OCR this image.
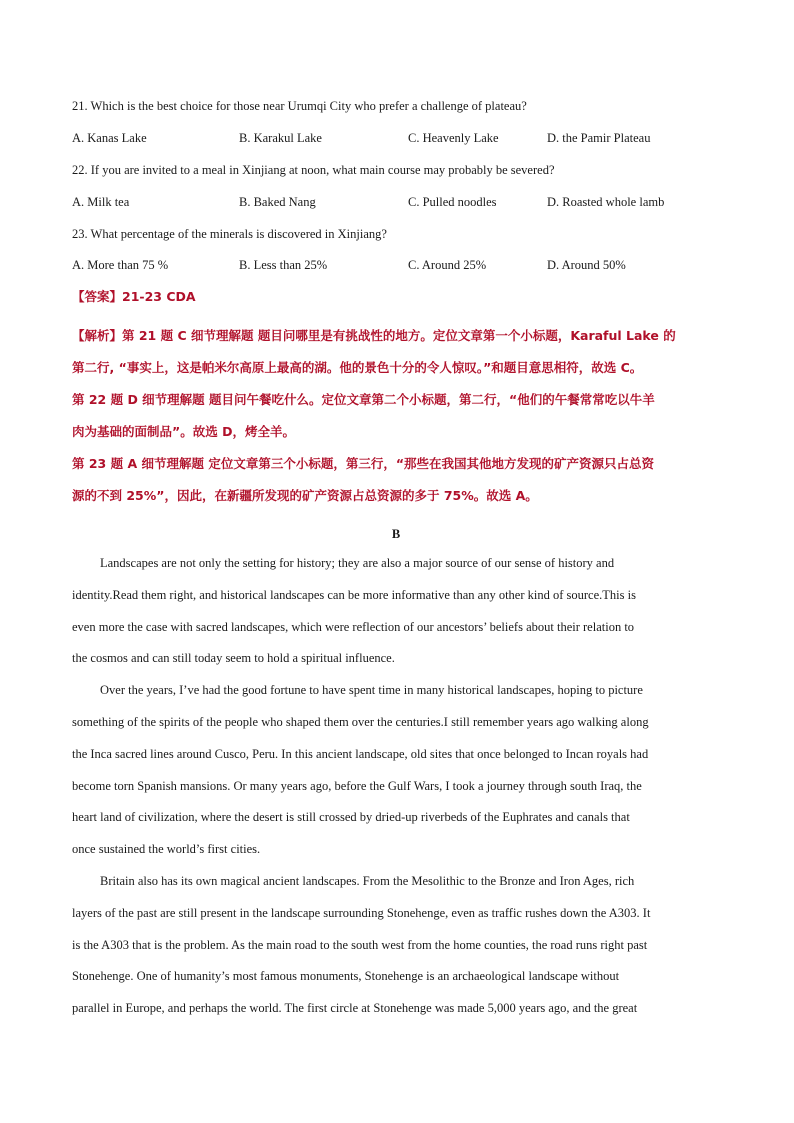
21. Which is the best choice for those near Urumqi City who prefer a challenge of plateau?

A. Kanas Lake	B. Karakul Lake	C. Heavenly Lake	D. the Pamir Plateau

22. If you are invited to a meal in Xinjiang at noon, what main course may probably be severed?

A. Milk tea	B. Baked Nang	C. Pulled noodles	D. Roasted whole lamb

23. What percentage of the minerals is discovered in Xinjiang?

A. More than 75 %	B. Less than 25%	C. Around 25%	D. Around 50%
【答案】21-23 CDA

【解析】第 21 题 C 细节理解题 题目问哪里是有挑战性的地方。定位文章第一个小标题，Karaful Lake 的

第二行, “事实上，这是帕米尔高原上最高的湖。他的景色十分的令人惊叹。”和题目意思相符，故选 C。

第 22 题 D 细节理解题 题目问午餐吃什么。定位文章第二个小标题，第二行，“他们的午餐常常吃以牛羊

肉为基础的面制品”。故选 D，烤全羊。

第 23 题 A 细节理解题 定位文章第三个小标题，第三行，“那些在我国其他地方发现的矿产资源只占总资

源的不到 25%”，因此，在新疆所发现的矿产资源占总资源的多于 75%。故选 A。

B

Landscapes are not only the setting for history; they are also a major source of our sense of history and
identity.Read them right, and historical landscapes can be more informative than any other kind of source.This is
even more the case with sacred landscapes, which were reflection of our ancestors’ beliefs about their relation to
the cosmos and can still today seem to hold a spiritual influence.

Over the years, I’ve had the good fortune to have spent time in many historical landscapes, hoping to picture
something of the spirits of the people who shaped them over the centuries.I still remember years ago walking along
the Inca sacred lines around Cusco, Peru. In this ancient landscape, old sites that once belonged to Incan royals had
become torn Spanish mansions. Or many years ago, before the Gulf Wars, I took a journey through south Iraq, the
heart land of civilization, where the desert is still crossed by dried-up riverbeds of the Euphrates and canals that
once sustained the world’s first cities.

Britain also has its own magical ancient landscapes. From the Mesolithic to the Bronze and Iron Ages, rich
layers of the past are still present in the landscape surrounding Stonehenge, even as traffic rushes down the A303. It
is the A303 that is the problem. As the main road to the south west from the home counties, the road runs right past
Stonehenge. One of humanity’s most famous monuments, Stonehenge is an archaeological landscape without
parallel in Europe, and perhaps the world. The first circle at Stonehenge was made 5,000 years ago, and the great
